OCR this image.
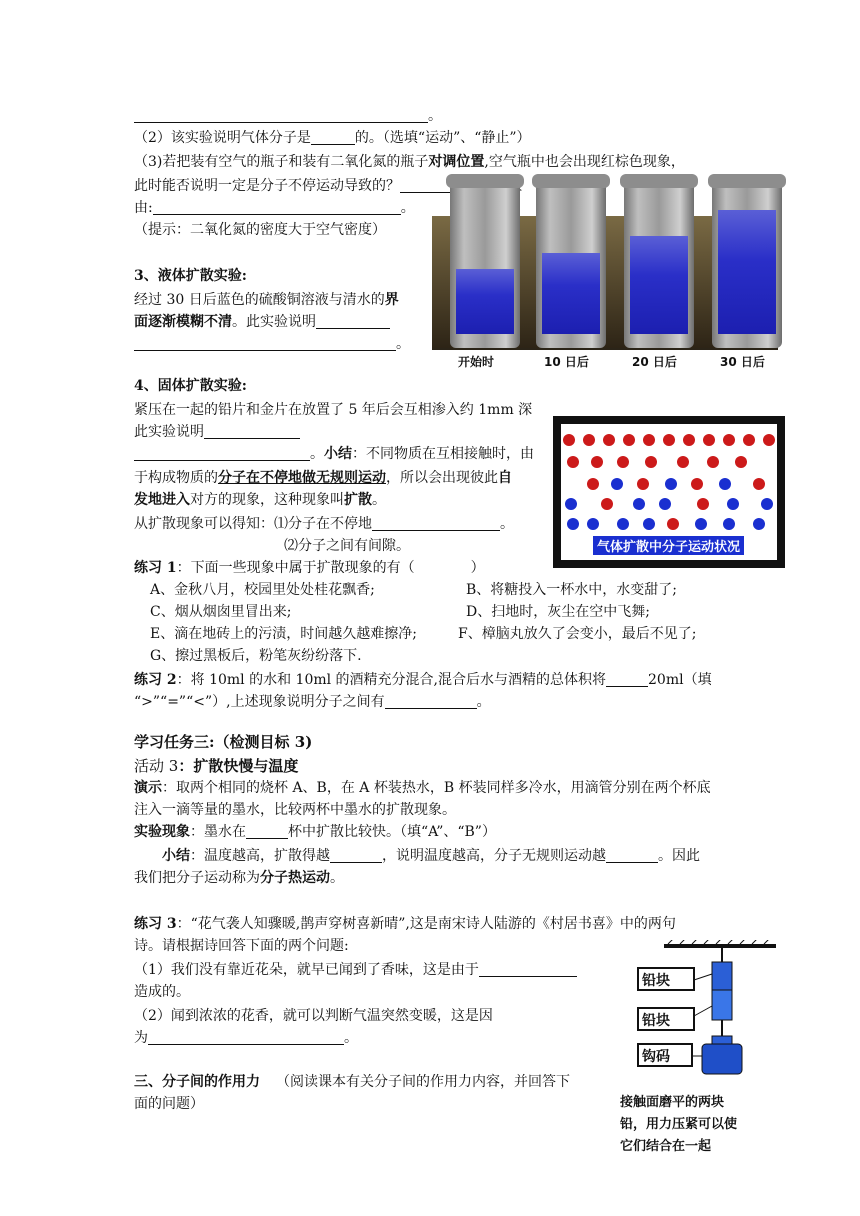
。
（2）该实验说明气体分子是	的。（选填“运动”、“静止”）
（3)若把装有空气的瓶子和装有二氧化氮的瓶子对调位置,空气瓶中也会出现红棕色现象，
此时能否说明一定是分子不停运动导致的？
由:	。
（提示：二氧化氮的密度大于空气密度）
3、液体扩散实验:
经过 30 日后蓝色的硫酸铜溶液与清水的界
面逐渐模糊不清。此实验说明
。
开始时	10 日后	20 日后	30 日后
4、固体扩散实验:
紧压在一起的铅片和金片在放置了 5 年后会互相渗入约 1mm 深
此实验说明
。小结：不同物质在互相接触时，由
于构成物质的分子在不停地做无规则运动，所以会出现彼此自
发地进入对方的现象，这种现象叫扩散。
从扩散现象可以得知：⑴分子在不停地	。
⑵分子之间有间隙。	气体扩散中分子运动状况
练习 1：下面一些现象中属于扩散现象的有（　　　　）
A、金秋八月，校园里处处桂花飘香;	B、将糖投入一杯水中，水变甜了;
C、烟从烟囱里冒出来;	D、扫地时，灰尘在空中飞舞;
E、滴在地砖上的污渍，时间越久越难擦净;	F、樟脑丸放久了会变小，最后不见了;
G、擦过黑板后，粉笔灰纷纷落下.
练习 2：将 10ml 的水和 10ml 的酒精充分混合,混合后水与酒精的总体积将	20ml（填
“>”“=”“<”）,上述现象说明分子之间有	。
学习任务三:（检测目标 3)
活动 3：扩散快慢与温度
演示：取两个相同的烧杯 A、B，在 A 杯装热水，B 杯装同样多冷水，用滴管分别在两个杯底
注入一滴等量的墨水，比较两杯中墨水的扩散现象。
实验现象：墨水在	杯中扩散比较快。（填“A”、“B”）
小结：温度越高，扩散得越	，说明温度越高，分子无规则运动越	。因此
我们把分子运动称为分子热运动。
练习 3：“花气袭人知骤暖,鹊声穿树喜新晴”,这是南宋诗人陆游的《村居书喜》中的两句
诗。请根据诗回答下面的两个问题:
（1）我们没有靠近花朵，就早已闻到了香味，这是由于
造成的。
（2）闻到浓浓的花香，就可以判断气温突然变暖，这是因
为	。
三、分子间的作用力 （阅读课本有关分子间的作用力内容，并回答下
面的问题）
铅块
铅块
钩码
接触面磨平的两块
铅，用力压紧可以使
它们结合在一起
